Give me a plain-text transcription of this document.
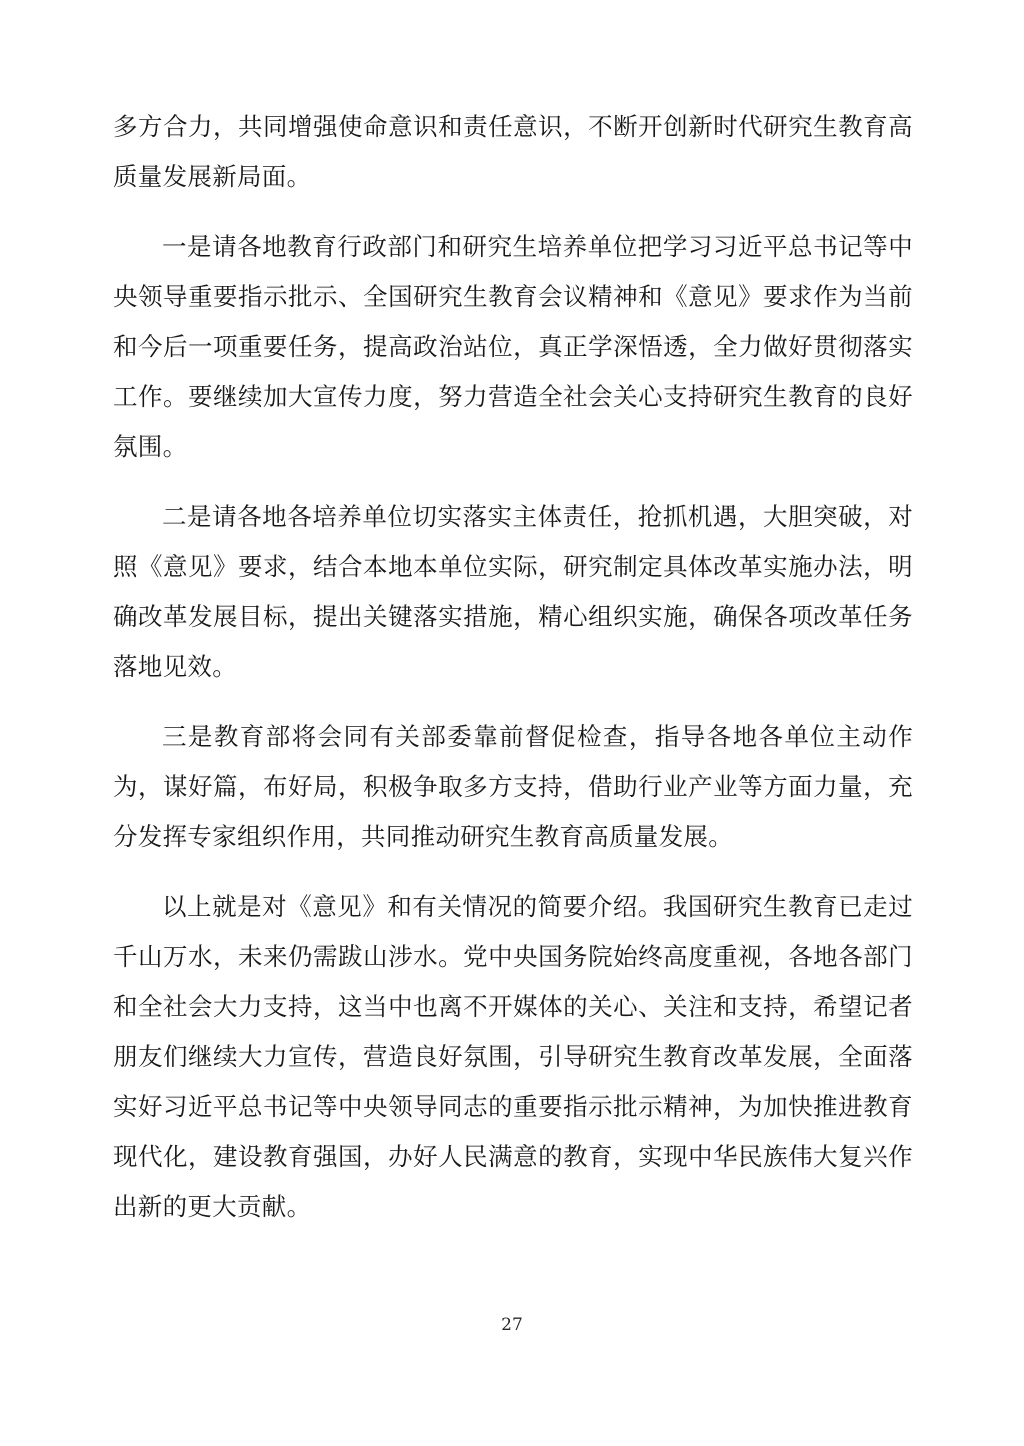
多方合力，共同增强使命意识和责任意识，不断开创新时代研究生教育高质量发展新局面。

一是请各地教育行政部门和研究生培养单位把学习习近平总书记等中央领导重要指示批示、全国研究生教育会议精神和《意见》要求作为当前和今后一项重要任务，提高政治站位，真正学深悟透，全力做好贯彻落实工作。要继续加大宣传力度，努力营造全社会关心支持研究生教育的良好氛围。

二是请各地各培养单位切实落实主体责任，抢抓机遇，大胆突破，对照《意见》要求，结合本地本单位实际，研究制定具体改革实施办法，明确改革发展目标，提出关键落实措施，精心组织实施，确保各项改革任务落地见效。

三是教育部将会同有关部委靠前督促检查，指导各地各单位主动作为，谋好篇，布好局，积极争取多方支持，借助行业产业等方面力量，充分发挥专家组织作用，共同推动研究生教育高质量发展。

以上就是对《意见》和有关情况的简要介绍。我国研究生教育已走过千山万水，未来仍需跋山涉水。党中央国务院始终高度重视，各地各部门和全社会大力支持，这当中也离不开媒体的关心、关注和支持，希望记者朋友们继续大力宣传，营造良好氛围，引导研究生教育改革发展，全面落实好习近平总书记等中央领导同志的重要指示批示精神，为加快推进教育现代化，建设教育强国，办好人民满意的教育，实现中华民族伟大复兴作出新的更大贡献。

27
